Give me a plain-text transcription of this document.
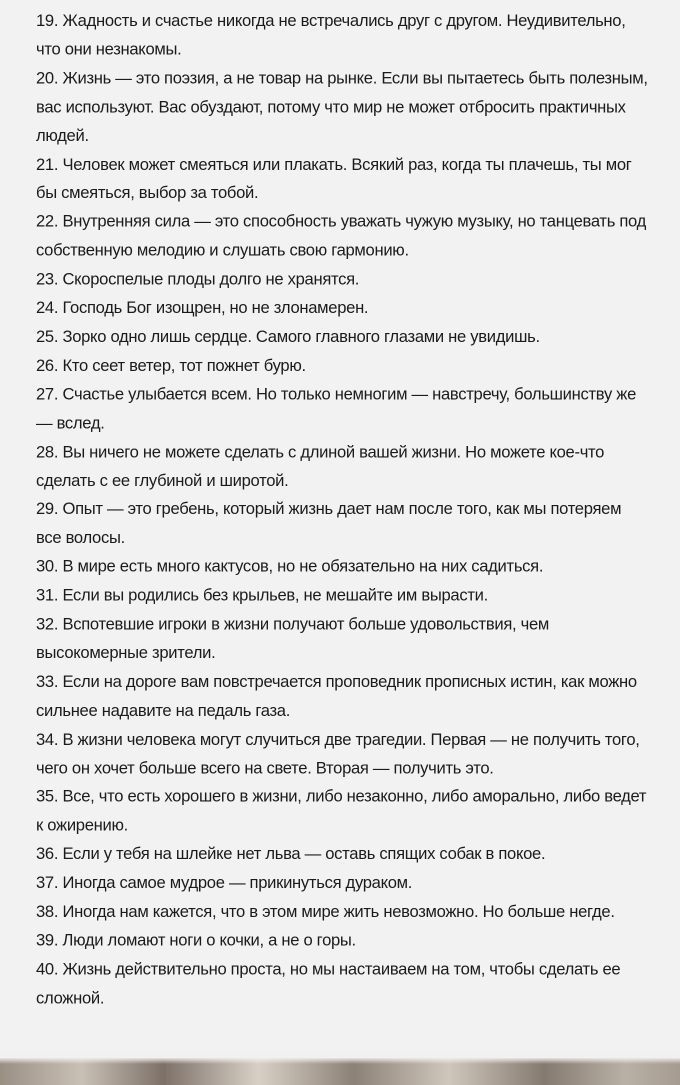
19. Жадность и счастье никогда не встречались друг с другом. Неудивительно, что они незнакомы.

20. Жизнь — это поэзия, а не товар на рынке. Если вы пытаетесь быть полезным, вас используют. Вас обуздают, потому что мир не может отбросить практичных людей.

21. Человек может смеяться или плакать. Всякий раз, когда ты плачешь, ты мог бы смеяться, выбор за тобой.

22. Внутренняя сила — это способность уважать чужую музыку, но танцевать под собственную мелодию и слушать свою гармонию.

23. Скороспелые плоды долго не хранятся.

24. Господь Бог изощрен, но не злонамерен.

25. Зорко одно лишь сердце. Самого главного глазами не увидишь.

26. Кто сеет ветер, тот пожнет бурю.

27. Счастье улыбается всем. Но только немногим — навстречу, большинству же — вслед.

28. Вы ничего не можете сделать с длиной вашей жизни. Но можете кое-что сделать с ее глубиной и широтой.

29. Опыт — это гребень, который жизнь дает нам после того, как мы потеряем все волосы.

30. В мире есть много кактусов, но не обязательно на них садиться.

31. Если вы родились без крыльев, не мешайте им вырасти.

32. Вспотевшие игроки в жизни получают больше удовольствия, чем высокомерные зрители.

33. Если на дороге вам повстречается проповедник прописных истин, как можно сильнее надавите на педаль газа.

34. В жизни человека могут случиться две трагедии. Первая — не получить того, чего он хочет больше всего на свете. Вторая — получить это.

35. Все, что есть хорошего в жизни, либо незаконно, либо аморально, либо ведет к ожирению.

36. Если у тебя на шлейке нет льва — оставь спящих собак в покое.

37. Иногда самое мудрое — прикинуться дураком.

38. Иногда нам кажется, что в этом мире жить невозможно. Но больше негде.

39. Люди ломают ноги о кочки, а не о горы.

40. Жизнь действительно проста, но мы настаиваем на том, чтобы сделать ее сложной.
